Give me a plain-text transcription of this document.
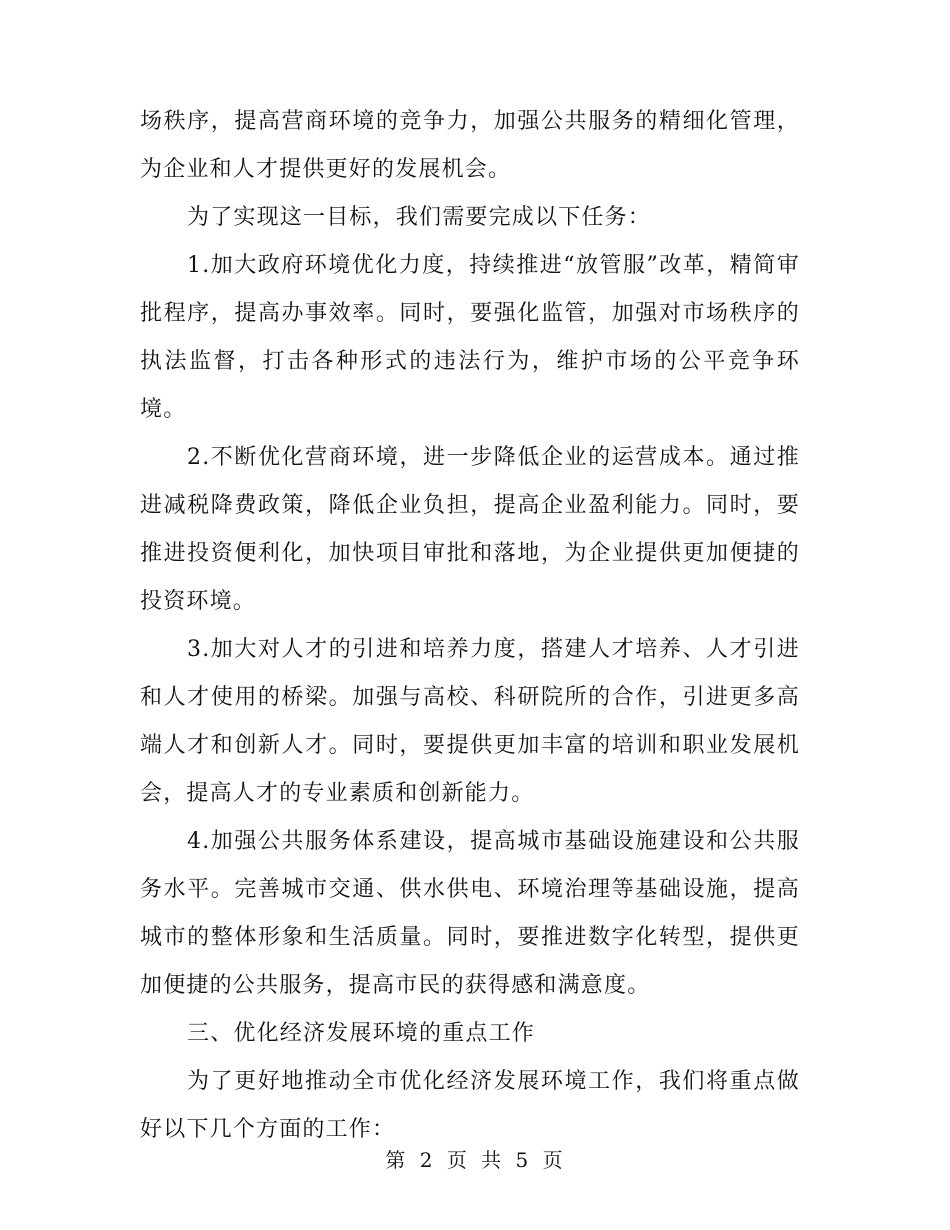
场秩序，提高营商环境的竞争力，加强公共服务的精细化管理，为企业和人才提供更好的发展机会。

为了实现这一目标，我们需要完成以下任务：

1.加大政府环境优化力度，持续推进“放管服”改革，精简审批程序，提高办事效率。同时，要强化监管，加强对市场秩序的执法监督，打击各种形式的违法行为，维护市场的公平竞争环境。

2.不断优化营商环境，进一步降低企业的运营成本。通过推进减税降费政策，降低企业负担，提高企业盈利能力。同时，要推进投资便利化，加快项目审批和落地，为企业提供更加便捷的投资环境。

3.加大对人才的引进和培养力度，搭建人才培养、人才引进和人才使用的桥梁。加强与高校、科研院所的合作，引进更多高端人才和创新人才。同时，要提供更加丰富的培训和职业发展机会，提高人才的专业素质和创新能力。

4.加强公共服务体系建设，提高城市基础设施建设和公共服务水平。完善城市交通、供水供电、环境治理等基础设施，提高城市的整体形象和生活质量。同时，要推进数字化转型，提供更加便捷的公共服务，提高市民的获得感和满意度。

三、优化经济发展环境的重点工作

为了更好地推动全市优化经济发展环境工作，我们将重点做好以下几个方面的工作：

第 2 页 共 5 页
